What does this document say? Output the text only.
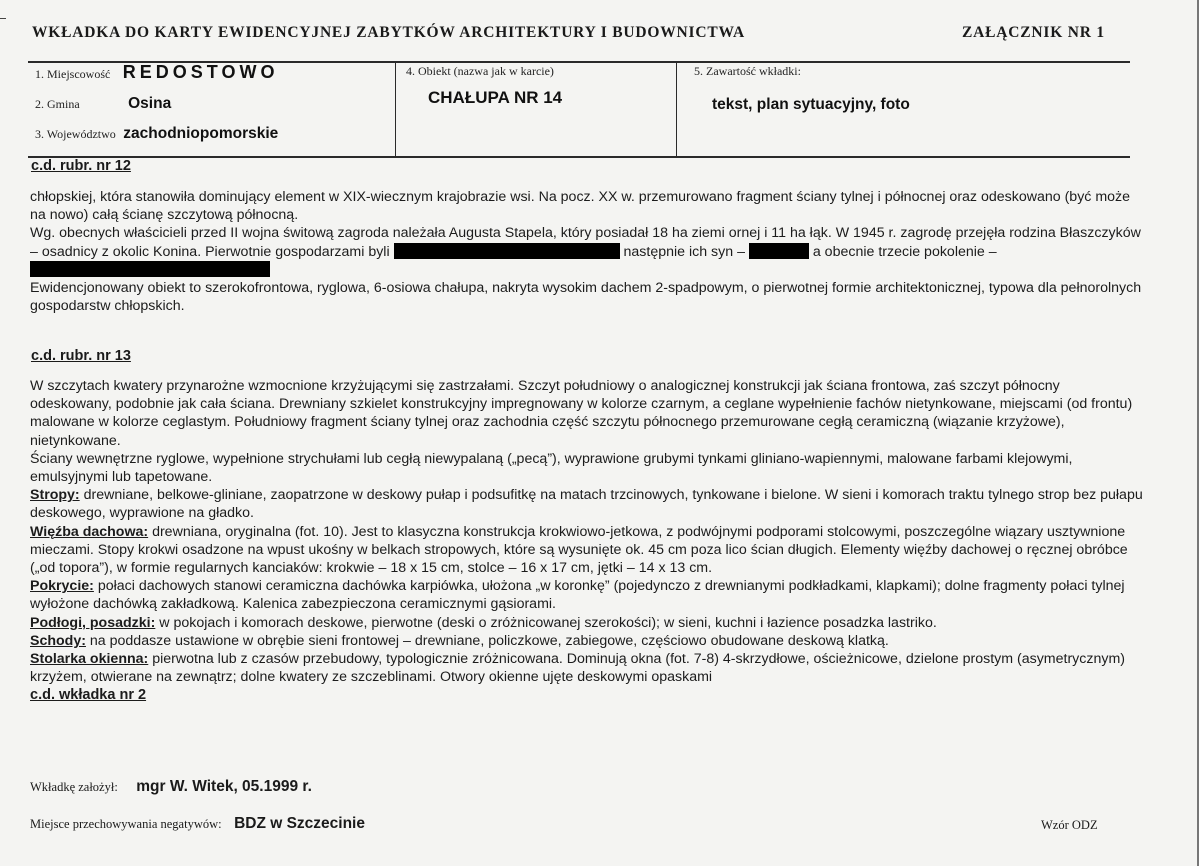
WKŁADKA DO KARTY EWIDENCYJNEJ ZABYTKÓW ARCHITEKTURY I BUDOWNICTWA	ZAŁĄCZNIK NR 1
1. Miejscowość REDOSTOWO
2. Gmina	Osina
3. Województwo zachodniopomorskie
4. Obiekt (nazwa jak w karcie)
CHAŁUPA NR 14
5. Zawartość wkładki:
tekst, plan sytuacyjny, foto
c.d. rubr. nr 12

chłopskiej, która stanowiła dominujący element w XIX-wiecznym krajobrazie wsi. Na pocz. XX w. przemurowano fragment ściany tylnej i północnej oraz odeskowano (być może na nowo) całą ścianę szczytową północną.

Wg. obecnych właścicieli przed II wojna świtową zagroda należała Augusta Stapela, który posiadał 18 ha ziemi ornej i 11 ha łąk. W 1945 r. zagrodę przejęła rodzina Błaszczyków – osadnicy z okolic Konina. Pierwotnie gospodarzami byli	następnie ich syn –	a obecnie trzecie pokolenie –

Ewidencjonowany obiekt to szerokofrontowa, ryglowa, 6-osiowa chałupa, nakryta wysokim dachem 2-spadpowym, o pierwotnej formie architektonicznej, typowa dla pełnorolnych gospodarstw chłopskich.

c.d. rubr. nr 13

W szczytach kwatery przynarożne wzmocnione krzyżującymi się zastrzałami. Szczyt południowy o analogicznej konstrukcji jak ściana frontowa, zaś szczyt północny odeskowany, podobnie jak cała ściana. Drewniany szkielet konstrukcyjny impregnowany w kolorze czarnym, a ceglane wypełnienie fachów nietynkowane, miejscami (od frontu) malowane w kolorze ceglastym. Południowy fragment ściany tylnej oraz zachodnia część szczytu północnego przemurowane cegłą ceramiczną (wiązanie krzyżowe), nietynkowane.

Ściany wewnętrzne ryglowe, wypełnione strychułami lub cegłą niewypalaną („pecą”), wyprawione grubymi tynkami gliniano-wapiennymi, malowane farbami klejowymi, emulsyjnymi lub tapetowane.

Stropy: drewniane, belkowe-gliniane, zaopatrzone w deskowy pułap i podsufitkę na matach trzcinowych, tynkowane i bielone. W sieni i komorach traktu tylnego strop bez pułapu deskowego, wyprawione na gładko.

Więźba dachowa: drewniana, oryginalna (fot. 10). Jest to klasyczna konstrukcja krokwiowo-jetkowa, z podwójnymi podporami stolcowymi, poszczególne wiązary usztywnione mieczami. Stopy krokwi osadzone na wpust ukośny w belkach stropowych, które są wysunięte ok. 45 cm poza lico ścian długich. Elementy więźby dachowej o ręcznej obróbce („od topora”), w formie regularnych kanciaków: krokwie – 18 x 15 cm, stolce – 16 x 17 cm, jętki – 14 x 13 cm.

Pokrycie: połaci dachowych stanowi ceramiczna dachówka karpiówka, ułożona „w koronkę” (pojedynczo z drewnianymi podkładkami, klapkami); dolne fragmenty połaci tylnej wyłożone dachówką zakładkową. Kalenica zabezpieczona ceramicznymi gąsiorami.

Podłogi, posadzki: w pokojach i komorach deskowe, pierwotne (deski o zróżnicowanej szerokości); w sieni, kuchni i łazience posadzka lastriko.

Schody: na poddasze ustawione w obrębie sieni frontowej – drewniane, policzkowe, zabiegowe, częściowo obudowane deskową klatką.

Stolarka okienna: pierwotna lub z czasów przebudowy, typologicznie zróżnicowana. Dominują okna (fot. 7-8) 4-skrzydłowe, ościeżnicowe, dzielone prostym (asymetrycznym) krzyżem, otwierane na zewnątrz; dolne kwatery ze szczeblinami. Otwory okienne ujęte deskowymi opaskami

c.d. wkładka nr 2

Wkładkę założył: mgr W. Witek, 05.1999 r.
Miejsce przechowywania negatywów: BDZ w Szczecinie	Wzór ODZ
